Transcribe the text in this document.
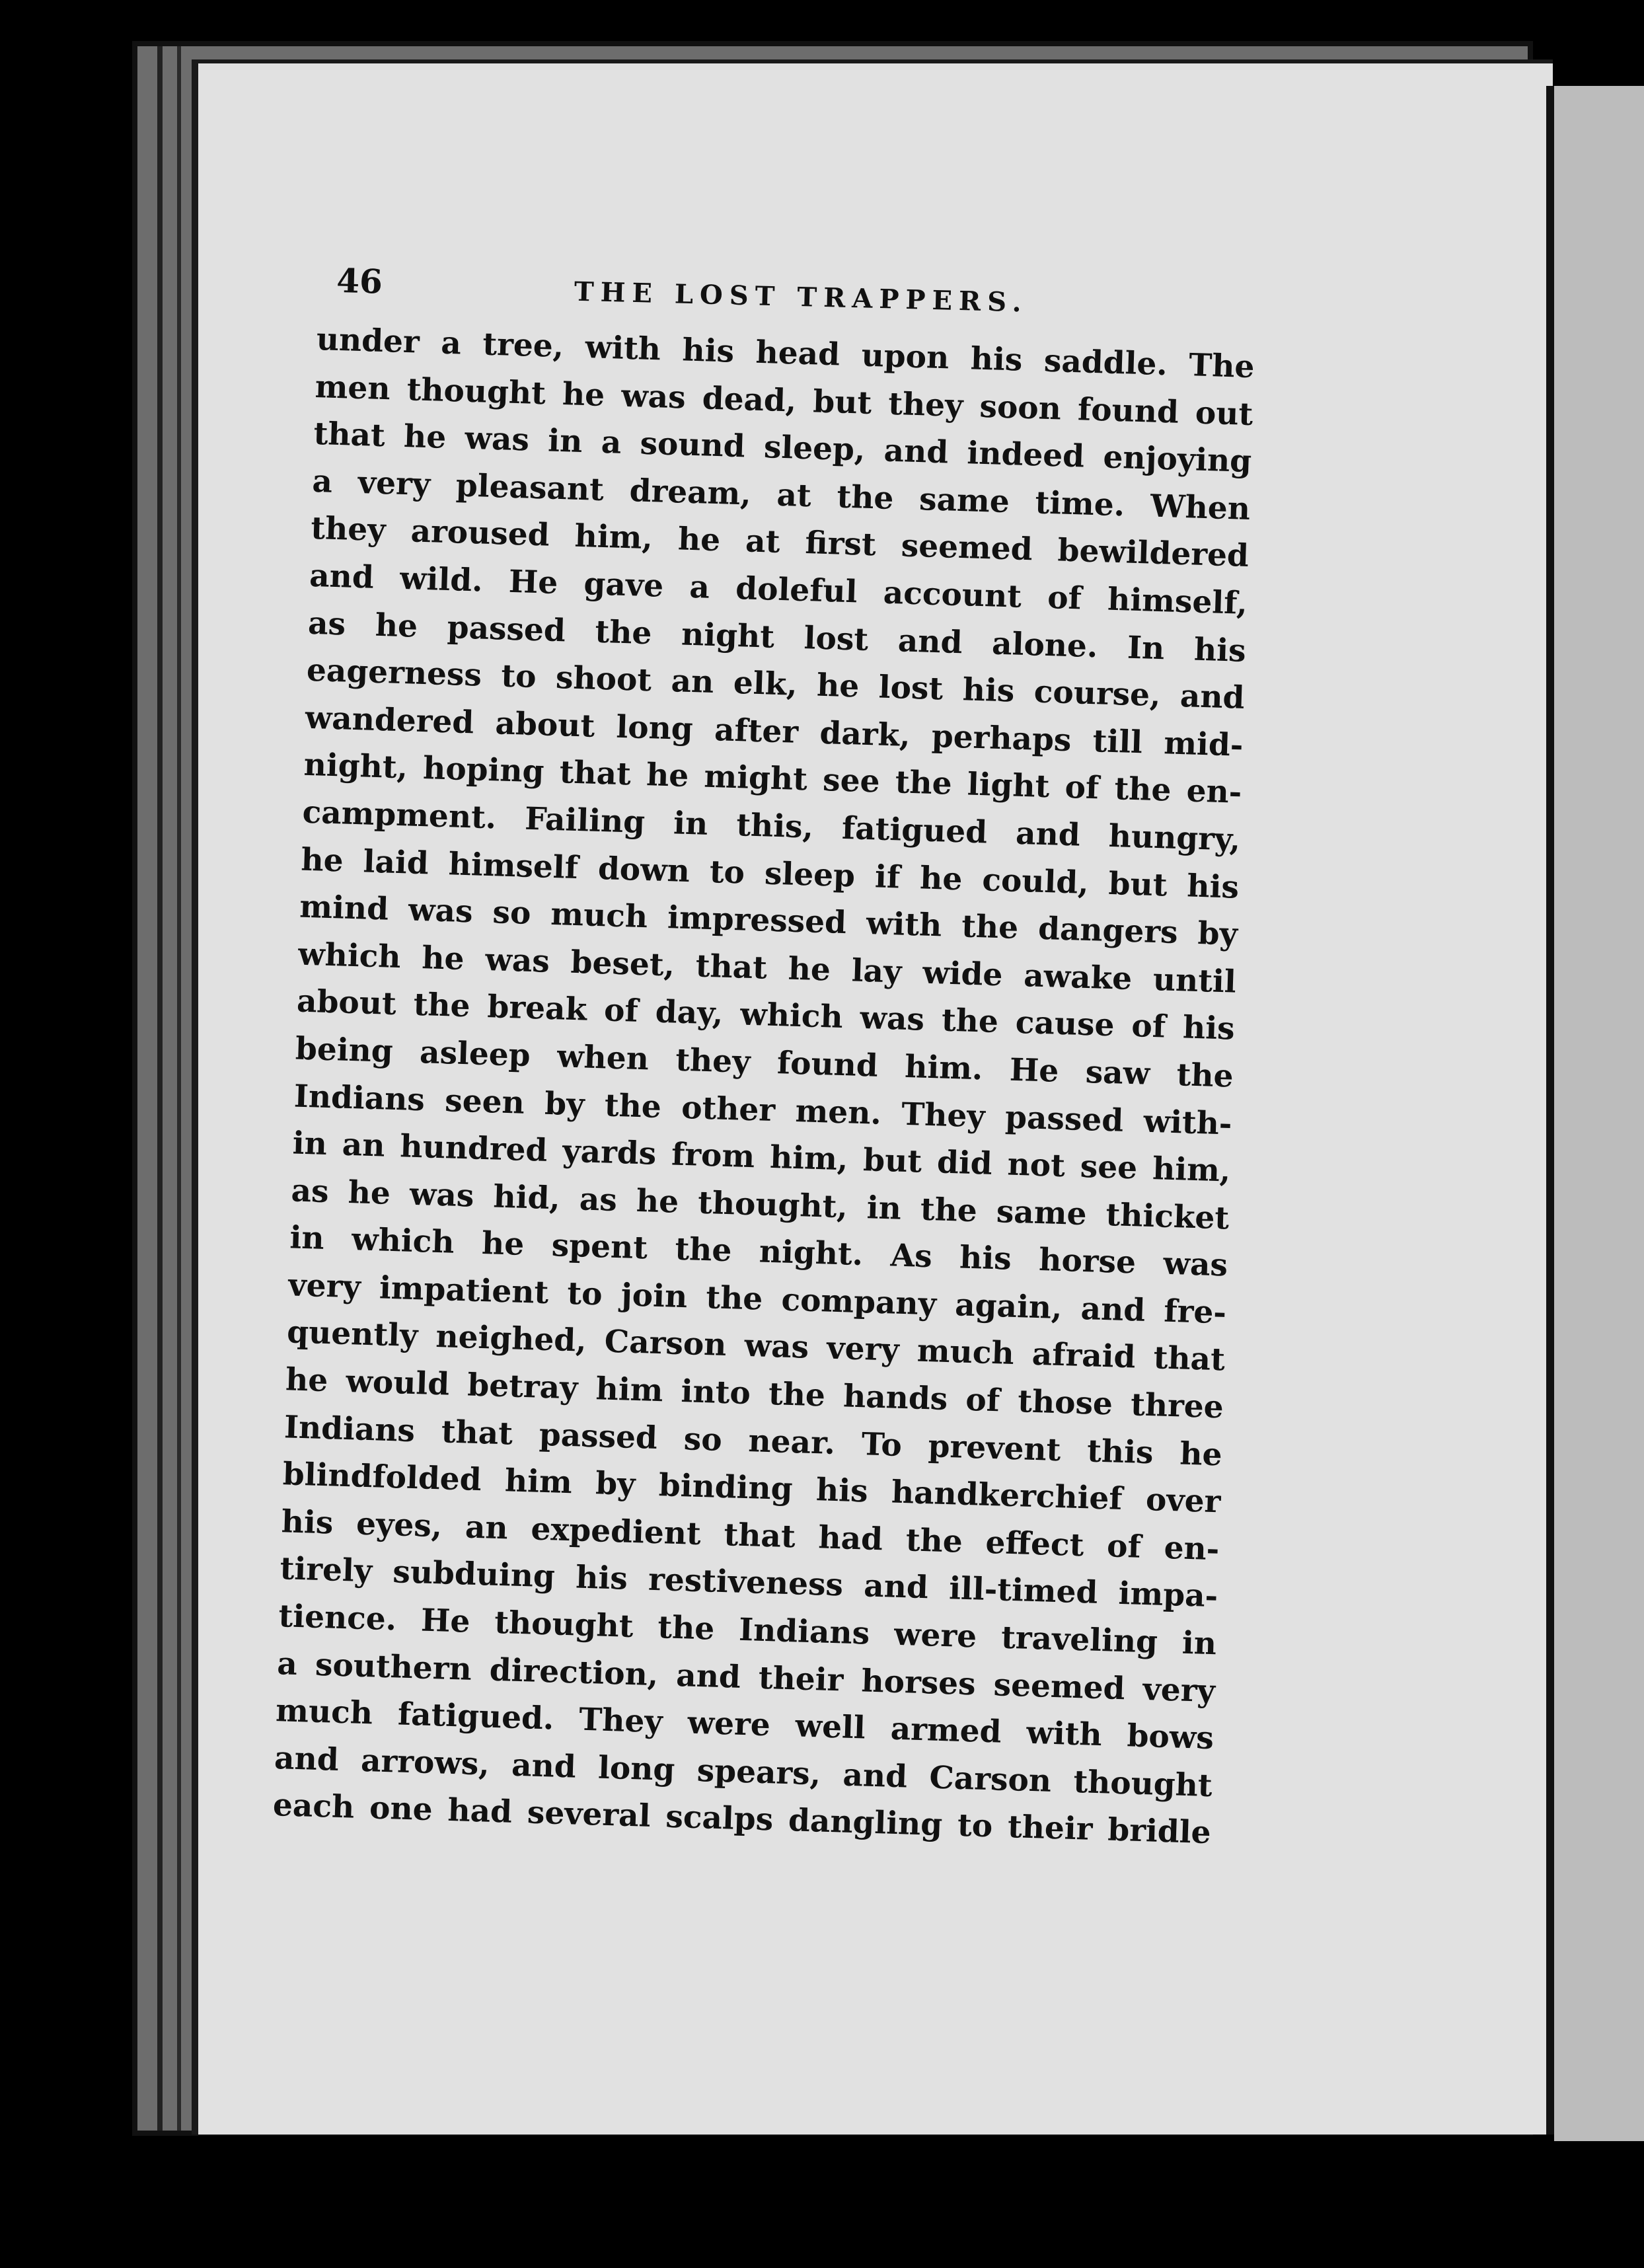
46	THE LOST TRAPPERS.
under a tree, with his head upon his saddle. The
men thought he was dead, but they soon found out
that he was in a sound sleep, and indeed enjoying
a very pleasant dream, at the same time. When
they aroused him, he at first seemed bewildered
and wild. He gave a doleful account of himself,
as he passed the night lost and alone. In his
eagerness to shoot an elk, he lost his course, and
wandered about long after dark, perhaps till mid-
night, hoping that he might see the light of the en-
campment. Failing in this, fatigued and hungry,
he laid himself down to sleep if he could, but his
mind was so much impressed with the dangers by
which he was beset, that he lay wide awake until
about the break of day, which was the cause of his
being asleep when they found him. He saw the
Indians seen by the other men. They passed with-
in an hundred yards from him, but did not see him,
as he was hid, as he thought, in the same thicket
in which he spent the night. As his horse was
very impatient to join the company again, and fre-
quently neighed, Carson was very much afraid that
he would betray him into the hands of those three
Indians that passed so near. To prevent this he
blindfolded him by binding his handkerchief over
his eyes, an expedient that had the effect of en-
tirely subduing his restiveness and ill-timed impa-
tience. He thought the Indians were traveling in
a southern direction, and their horses seemed very
much fatigued. They were well armed with bows
and arrows, and long spears, and Carson thought
each one had several scalps dangling to their bridle
